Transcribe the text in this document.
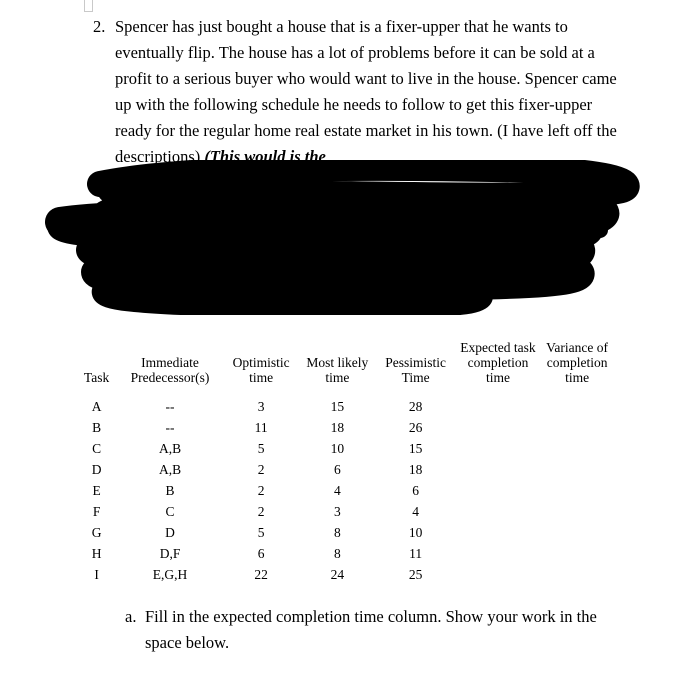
2. Spencer has just bought a house that is a fixer-upper that he wants to eventually flip. The house has a lot of problems before it can be sold at a profit to a serious buyer who would want to live in the house. Spencer came up with the following schedule he needs to follow to get this fixer-upper ready for the regular home real estate market in his town. (I have left off the descriptions) (This would is the
file

Academic Affairs y
Task	Immediate Predecessor(s)	Optimistic time	Most likely time	Pessimistic Time	Expected task completion time	Variance of completion time
A	--	3	15	28		
B	--	11	18	26		
C	A,B	5	10	15		
D	A,B	2	6	18		
E	B	2	4	6		
F	C	2	3	4		
G	D	5	8	10		
H	D,F	6	8	11		
I	E,G,H	22	24	25		
a. Fill in the expected completion time column. Show your work in the space below.
